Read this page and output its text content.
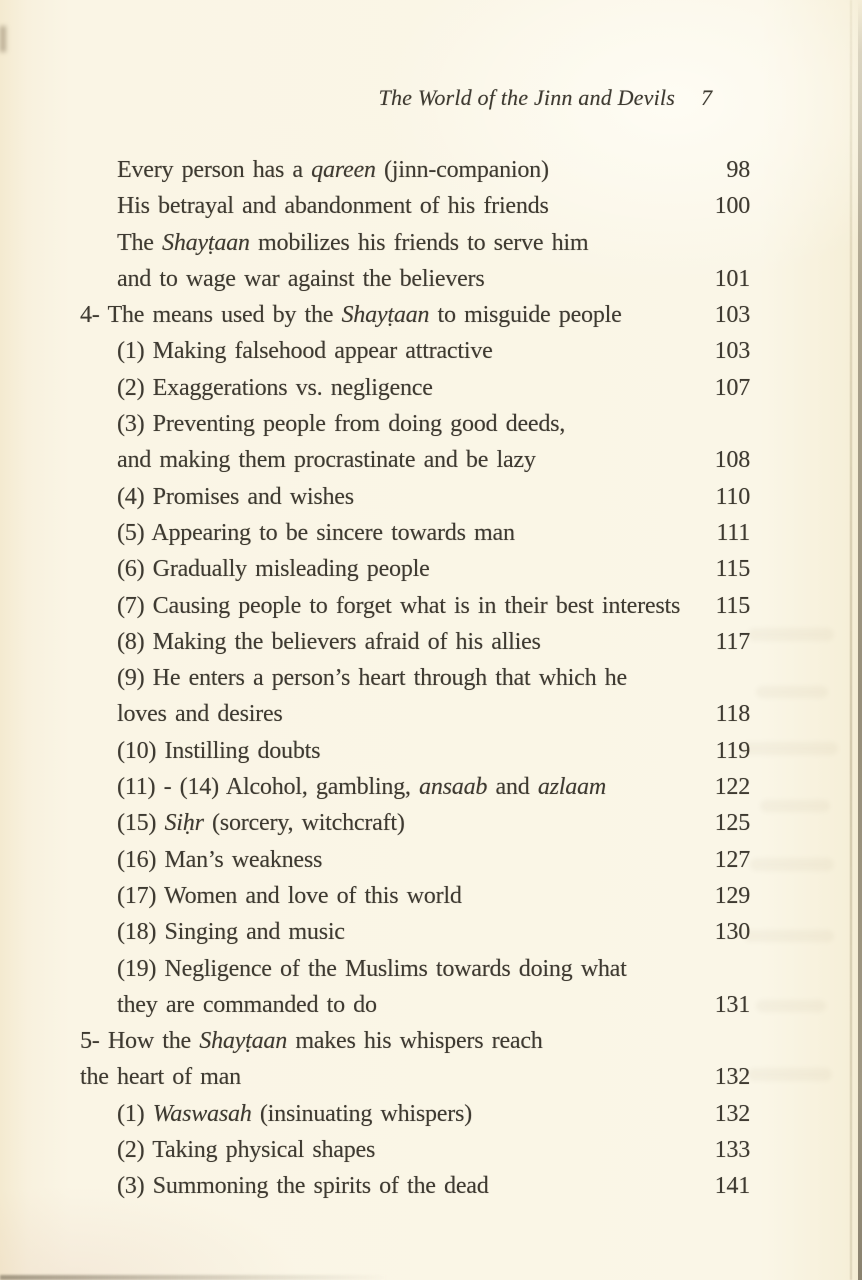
The World of the Jinn and Devils 7
Every person has a qareen (jinn-companion)	98
His betrayal and abandonment of his friends	100
The Shayṭaan mobilizes his friends to serve him
and to wage war against the believers	101
4- The means used by the Shayṭaan to misguide people	103
(1) Making falsehood appear attractive	103
(2) Exaggerations vs. negligence	107
(3) Preventing people from doing good deeds,
and making them procrastinate and be lazy	108
(4) Promises and wishes	110
(5) Appearing to be sincere towards man	111
(6) Gradually misleading people	115
(7) Causing people to forget what is in their best interests	115
(8) Making the believers afraid of his allies	117
(9) He enters a person’s heart through that which he
loves and desires	118
(10) Instilling doubts	119
(11) - (14) Alcohol, gambling, ansaab and azlaam	122
(15) Siḥr (sorcery, witchcraft)	125
(16) Man’s weakness	127
(17) Women and love of this world	129
(18) Singing and music	130
(19) Negligence of the Muslims towards doing what
they are commanded to do	131
5- How the Shayṭaan makes his whispers reach
the heart of man	132
(1) Waswasah (insinuating whispers)	132
(2) Taking physical shapes	133
(3) Summoning the spirits of the dead	141
